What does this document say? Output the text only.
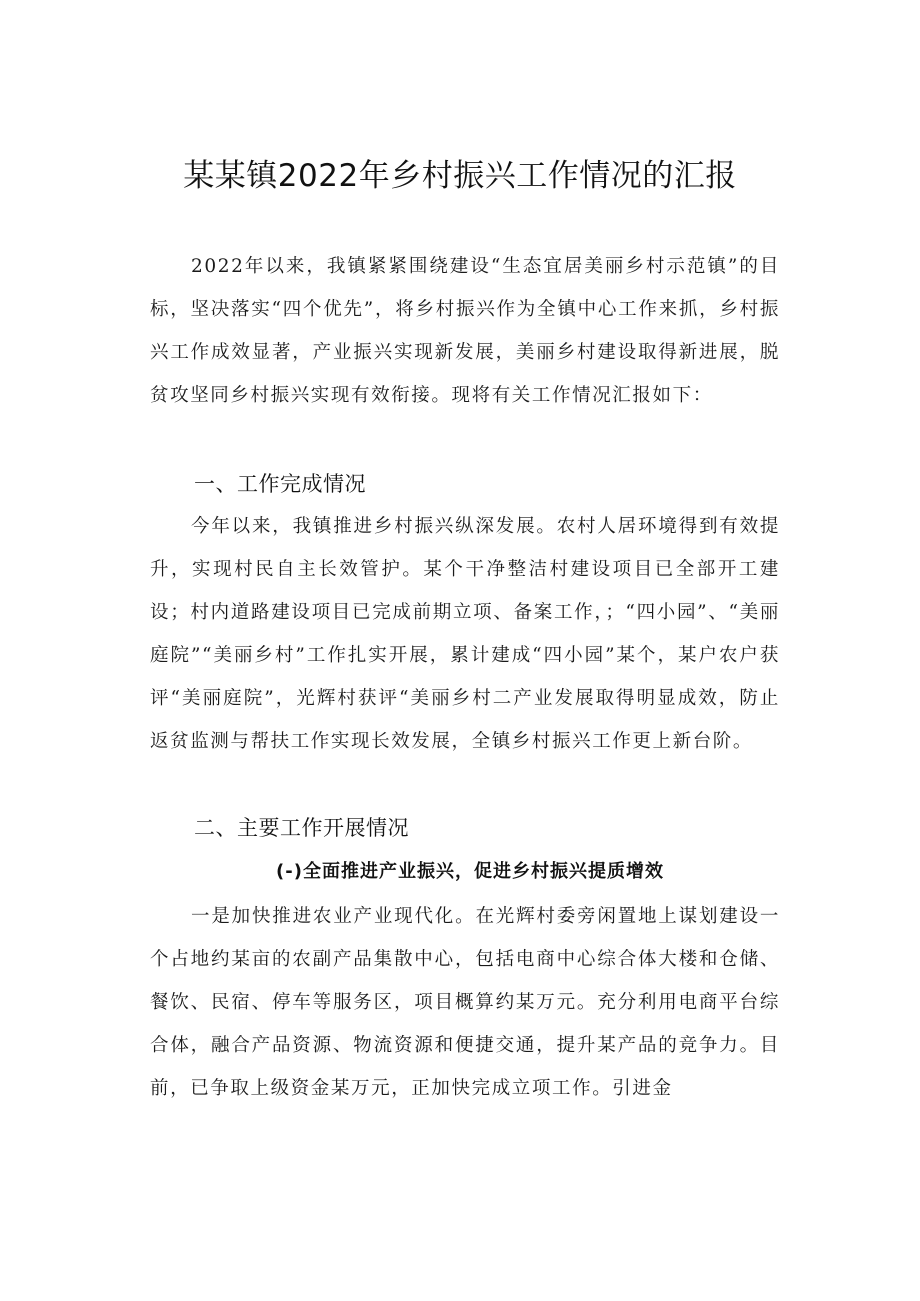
某某镇2022年乡村振兴工作情况的汇报

2022年以来，我镇紧紧围绕建设“生态宜居美丽乡村示范镇”的目标，坚决落实“四个优先”，将乡村振兴作为全镇中心工作来抓，乡村振兴工作成效显著，产业振兴实现新发展，美丽乡村建设取得新进展，脱贫攻坚同乡村振兴实现有效衔接。现将有关工作情况汇报如下：

一、工作完成情况

今年以来，我镇推进乡村振兴纵深发展。农村人居环境得到有效提升，实现村民自主长效管护。某个干净整洁村建设项目已全部开工建设；村内道路建设项目已完成前期立项、备案工作，；“四小园”、“美丽庭院”“美丽乡村”工作扎实开展，累计建成“四小园”某个，某户农户获评“美丽庭院”，光辉村获评“美丽乡村二产业发展取得明显成效，防止返贫监测与帮扶工作实现长效发展，全镇乡村振兴工作更上新台阶。

二、主要工作开展情况
(-)全面推进产业振兴，促进乡村振兴提质增效

一是加快推进农业产业现代化。在光辉村委旁闲置地上谋划建设一个占地约某亩的农副产品集散中心，包括电商中心综合体大楼和仓储、餐饮、民宿、停车等服务区，项目概算约某万元。充分利用电商平台综合体，融合产品资源、物流资源和便捷交通，提升某产品的竞争力。目前，已争取上级资金某万元，正加快完成立项工作。引进金
